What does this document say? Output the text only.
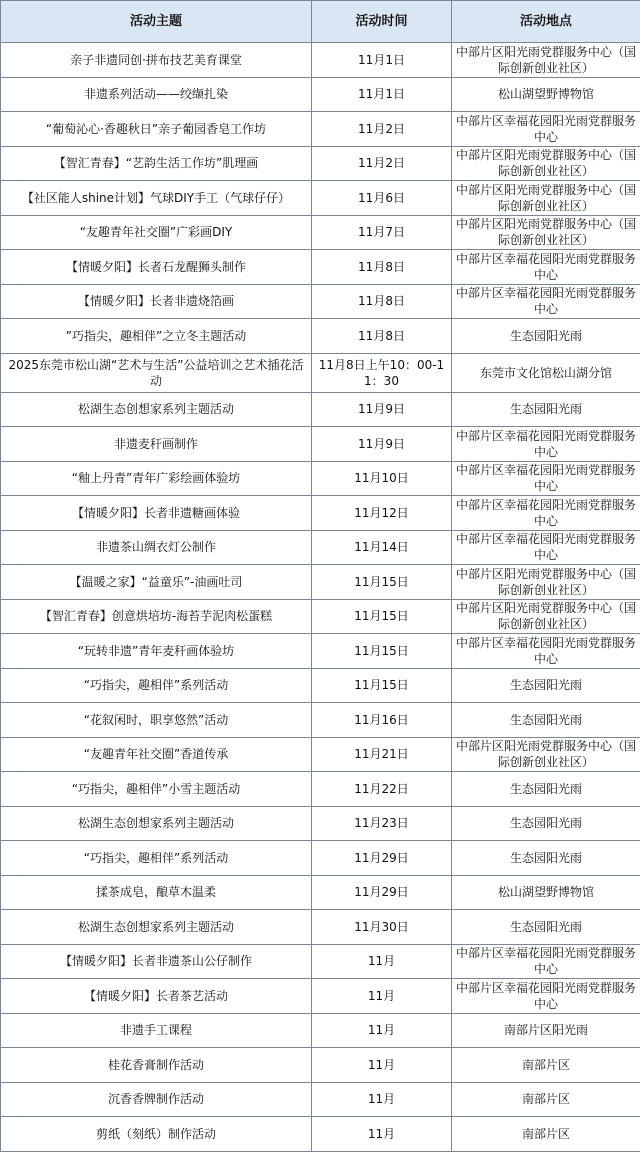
活动主题	活动时间	活动地点
亲子非遗同创·拼布技艺美育课堂	11月1日	中部片区阳光雨党群服务中心（国际创新创业社区）
非遗系列活动——绞缬扎染	11月1日	松山湖望野博物馆
“葡萄沁心·香趣秋日”亲子葡园香皂工作坊	11月2日	中部片区幸福花园阳光雨党群服务中心
【智汇青春】“艺韵生活工作坊”肌理画	11月2日	中部片区阳光雨党群服务中心（国际创新创业社区）
【社区能人shine计划】气球DIY手工（气球仔仔）	11月6日	中部片区阳光雨党群服务中心（国际创新创业社区）
“友趣青年社交圈”广彩画DIY	11月7日	中部片区阳光雨党群服务中心（国际创新创业社区）
【情暖夕阳】长者石龙醒狮头制作	11月8日	中部片区幸福花园阳光雨党群服务中心
【情暖夕阳】长者非遗烧箔画	11月8日	中部片区幸福花园阳光雨党群服务中心
”巧指尖，趣相伴”之立冬主题活动	11月8日	生态园阳光雨
2025东莞市松山湖“艺术与生活”公益培训之艺术插花活动	11月8日上午10：00-11：30	东莞市文化馆松山湖分馆
松湖生态创想家系列主题活动	11月9日	生态园阳光雨
非遗麦秆画制作	11月9日	中部片区幸福花园阳光雨党群服务中心
“釉上丹青”青年广彩绘画体验坊	11月10日	中部片区幸福花园阳光雨党群服务中心
【情暖夕阳】长者非遗糖画体验	11月12日	中部片区幸福花园阳光雨党群服务中心
非遗茶山绸衣灯公制作	11月14日	中部片区幸福花园阳光雨党群服务中心
【温暖之家】“益童乐”-油画吐司	11月15日	中部片区阳光雨党群服务中心（国际创新创业社区）
【智汇青春】创意烘培坊-海苔芋泥肉松蛋糕	11月15日	中部片区阳光雨党群服务中心（国际创新创业社区）
“玩转非遗”青年麦秆画体验坊	11月15日	中部片区幸福花园阳光雨党群服务中心
“巧指尖，趣相伴”系列活动	11月15日	生态园阳光雨
“花叙闲时，职享悠然”活动	11月16日	生态园阳光雨
“友趣青年社交圈”香道传承	11月21日	中部片区阳光雨党群服务中心（国际创新创业社区）
“巧指尖，趣相伴”小雪主题活动	11月22日	生态园阳光雨
松湖生态创想家系列主题活动	11月23日	生态园阳光雨
“巧指尖，趣相伴”系列活动	11月29日	生态园阳光雨
揉茶成皂，酿草木温柔	11月29日	松山湖望野博物馆
松湖生态创想家系列主题活动	11月30日	生态园阳光雨
【情暖夕阳】长者非遗茶山公仔制作	11月	中部片区幸福花园阳光雨党群服务中心
【情暖夕阳】长者茶艺活动	11月	中部片区幸福花园阳光雨党群服务中心
非遗手工课程	11月	南部片区阳光雨
桂花香膏制作活动	11月	南部片区
沉香香牌制作活动	11月	南部片区
剪纸（刻纸）制作活动	11月	南部片区
